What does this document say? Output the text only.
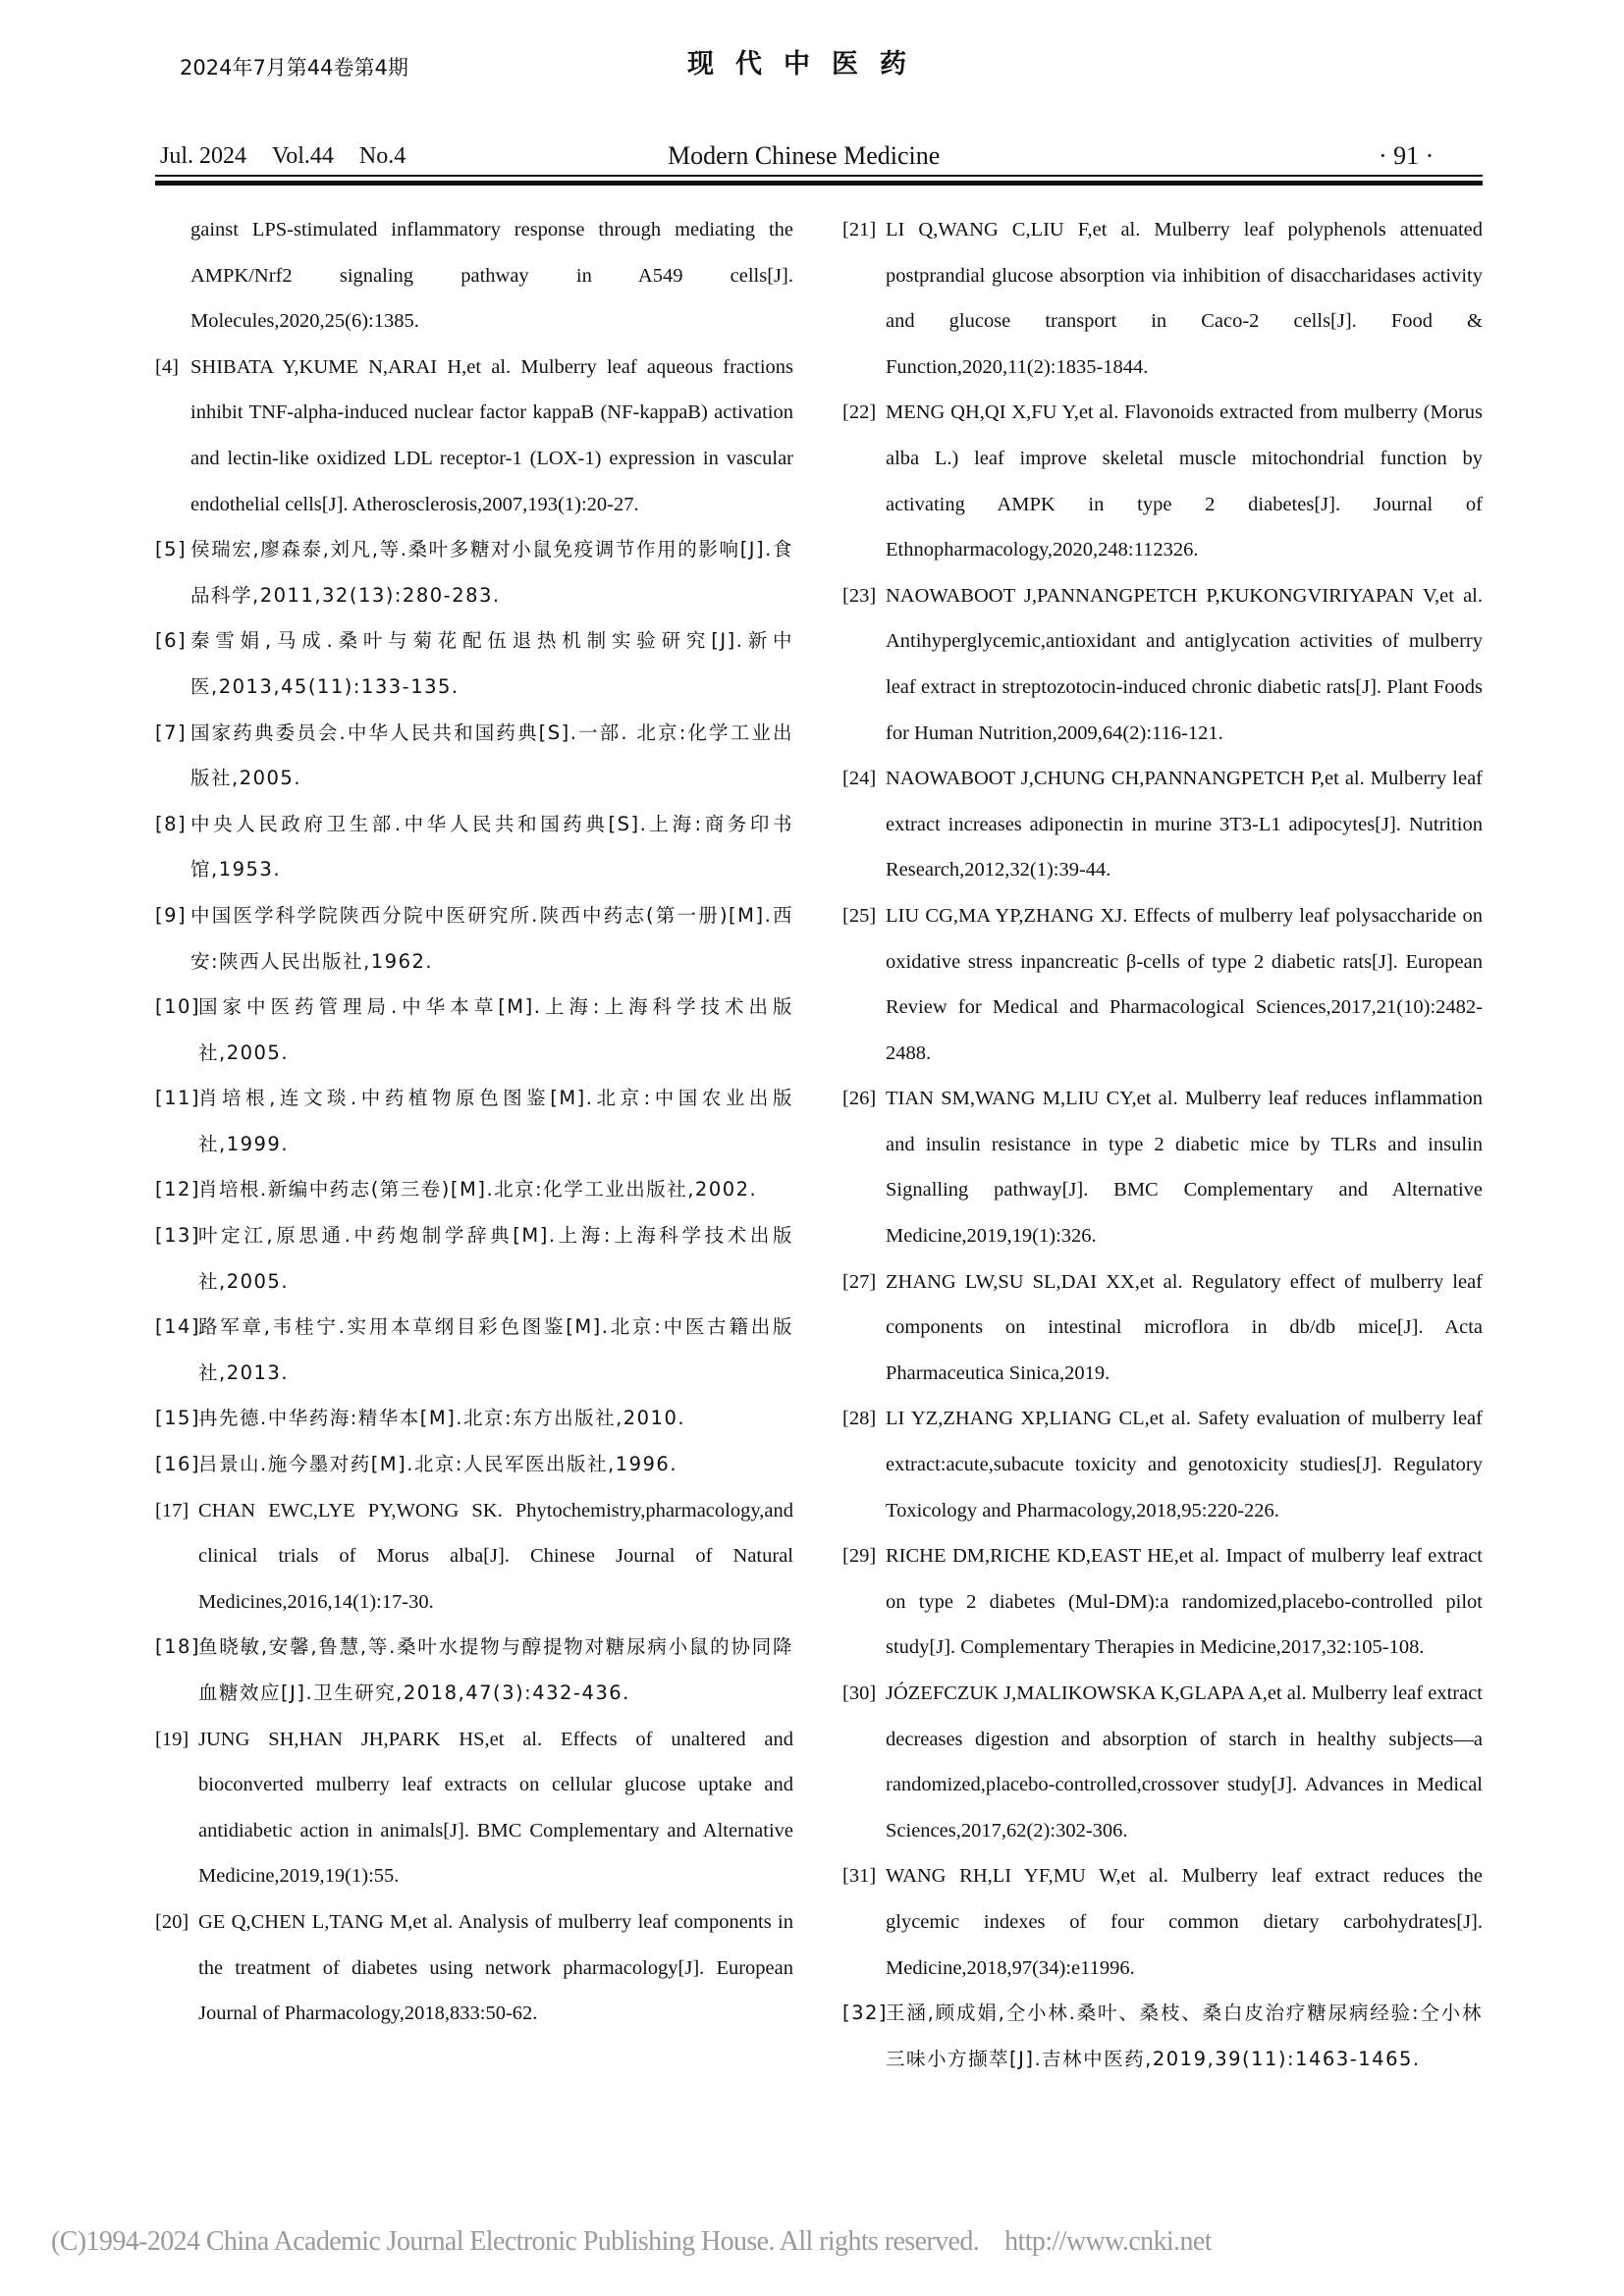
2024年7月第44卷第4期	现代中医药
Jul. 2024 Vol.44 No.4	Modern Chinese Medicine	· 91 ·
gainst LPS-stimulated inflammatory response through mediating the AMPK/Nrf2 signaling pathway in A549 cells[J]. Molecules,2020,25(6):1385.
[4] SHIBATA Y,KUME N,ARAI H,et al. Mulberry leaf aqueous fractions inhibit TNF-alpha-induced nuclear factor kappaB (NF-kappaB) activation and lectin-like oxidized LDL receptor-1 (LOX-1) expression in vascular endothelial cells[J]. Atherosclerosis,2007,193(1):20-27.
[5] 侯瑞宏,廖森泰,刘凡,等.桑叶多糖对小鼠免疫调节作用的影响[J].食品科学,2011,32(13):280-283.
[6] 秦雪娟,马成.桑叶与菊花配伍退热机制实验研究[J].新中医,2013,45(11):133-135.
[7] 国家药典委员会.中华人民共和国药典[S].一部. 北京:化学工业出版社,2005.
[8] 中央人民政府卫生部.中华人民共和国药典[S].上海:商务印书馆,1953.
[9] 中国医学科学院陕西分院中医研究所.陕西中药志(第一册)[M].西安:陕西人民出版社,1962.
[10]
国家中医药管理局.中华本草[M].上海:上海科学技术出版社,2005.
[11]
肖培根,连文琰.中药植物原色图鉴[M].北京:中国农业出版社,1999.
[12]
肖培根.新编中药志(第三卷)[M].北京:化学工业出版社,2002.
[13]
叶定江,原思通.中药炮制学辞典[M].上海:上海科学技术出版社,2005.
[14]
路军章,韦桂宁.实用本草纲目彩色图鉴[M].北京:中医古籍出版社,2013.
[15]
冉先德.中华药海:精华本[M].北京:东方出版社,2010.
[16]
吕景山.施今墨对药[M].北京:人民军医出版社,1996.
[17] CHAN EWC,LYE PY,WONG SK. Phytochemistry,pharmacology,and clinical trials of Morus alba[J]. Chinese Journal of Natural Medicines,2016,14(1):17-30.
[18]
鱼晓敏,安馨,鲁慧,等.桑叶水提物与醇提物对糖尿病小鼠的协同降血糖效应[J].卫生研究,2018,47(3):432-436.
[19] JUNG SH,HAN JH,PARK HS,et al. Effects of unaltered and bioconverted mulberry leaf extracts on cellular glucose uptake and antidiabetic action in animals[J]. BMC Complementary and Alternative Medicine,2019,19(1):55.
[20] GE Q,CHEN L,TANG M,et al. Analysis of mulberry leaf components in the treatment of diabetes using network pharmacology[J]. European Journal of Pharmacology,2018,833:50-62.
[21] LI Q,WANG C,LIU F,et al. Mulberry leaf polyphenols attenuated postprandial glucose absorption via inhibition of disaccharidases activity and glucose transport in Caco-2 cells[J]. Food & Function,2020,11(2):1835-1844.
[22] MENG QH,QI X,FU Y,et al. Flavonoids extracted from mulberry (Morus alba L.) leaf improve skeletal muscle mitochondrial function by activating AMPK in type 2 diabetes[J]. Journal of Ethnopharmacology,2020,248:112326.
[23] NAOWABOOT J,PANNANGPETCH P,KUKONGVIRIYAPAN V,et al. Antihyperglycemic,antioxidant and antiglycation activities of mulberry leaf extract in streptozotocin-induced chronic diabetic rats[J]. Plant Foods for Human Nutrition,2009,64(2):116-121.
[24] NAOWABOOT J,CHUNG CH,PANNANGPETCH P,et al. Mulberry leaf extract increases adiponectin in murine 3T3-L1 adipocytes[J]. Nutrition Research,2012,32(1):39-44.
[25] LIU CG,MA YP,ZHANG XJ. Effects of mulberry leaf polysaccharide on oxidative stress inpancreatic β-cells of type 2 diabetic rats[J]. European Review for Medical and Pharmacological Sciences,2017,21(10):2482-2488.
[26] TIAN SM,WANG M,LIU CY,et al. Mulberry leaf reduces inflammation and insulin resistance in type 2 diabetic mice by TLRs and insulin Signalling pathway[J]. BMC Complementary and Alternative Medicine,2019,19(1):326.
[27] ZHANG LW,SU SL,DAI XX,et al. Regulatory effect of mulberry leaf components on intestinal microflora in db/db mice[J]. Acta Pharmaceutica Sinica,2019.
[28] LI YZ,ZHANG XP,LIANG CL,et al. Safety evaluation of mulberry leaf extract:acute,subacute toxicity and genotoxicity studies[J]. Regulatory Toxicology and Pharmacology,2018,95:220-226.
[29] RICHE DM,RICHE KD,EAST HE,et al. Impact of mulberry leaf extract on type 2 diabetes (Mul-DM):a randomized,placebo-controlled pilot study[J]. Complementary Therapies in Medicine,2017,32:105-108.
[30] JÓZEFCZUK J,MALIKOWSKA K,GLAPA A,et al. Mulberry leaf extract decreases digestion and absorption of starch in healthy subjects—a randomized,placebo-controlled,crossover study[J]. Advances in Medical Sciences,2017,62(2):302-306.
[31] WANG RH,LI YF,MU W,et al. Mulberry leaf extract reduces the glycemic indexes of four common dietary carbohydrates[J]. Medicine,2018,97(34):e11996.
[32]
王涵,顾成娟,仝小林.桑叶、桑枝、桑白皮治疗糖尿病经验:仝小林三味小方撷萃[J].吉林中医药,2019,39(11):1463-1465.
(C)1994-2024 China Academic Journal Electronic Publishing House. All rights reserved. http://www.cnki.net
